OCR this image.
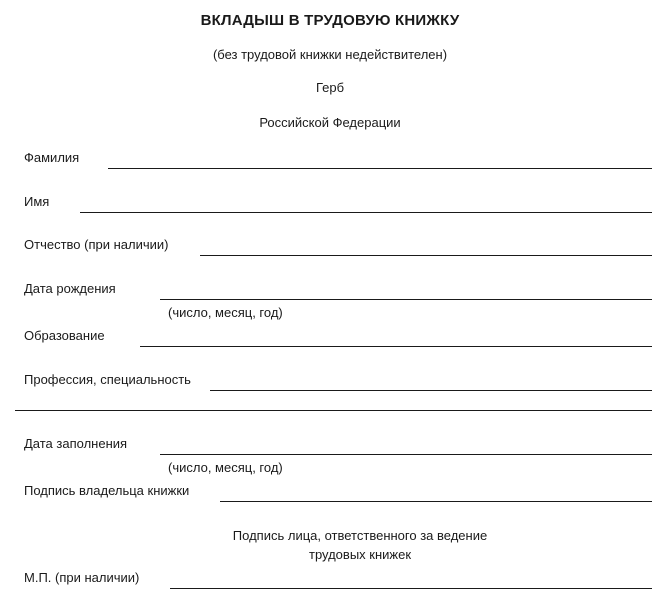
ВКЛАДЫШ В ТРУДОВУЮ КНИЖКУ
(без трудовой книжки недействителен)
Герб
Российской Федерации
Фамилия
Имя
Отчество (при наличии)
Дата рождения
(число, месяц, год)
Образование
Профессия, специальность
Дата заполнения
(число, месяц, год)
Подпись владельца книжки
Подпись лица, ответственного за ведение
трудовых книжек
М.П. (при наличии)
